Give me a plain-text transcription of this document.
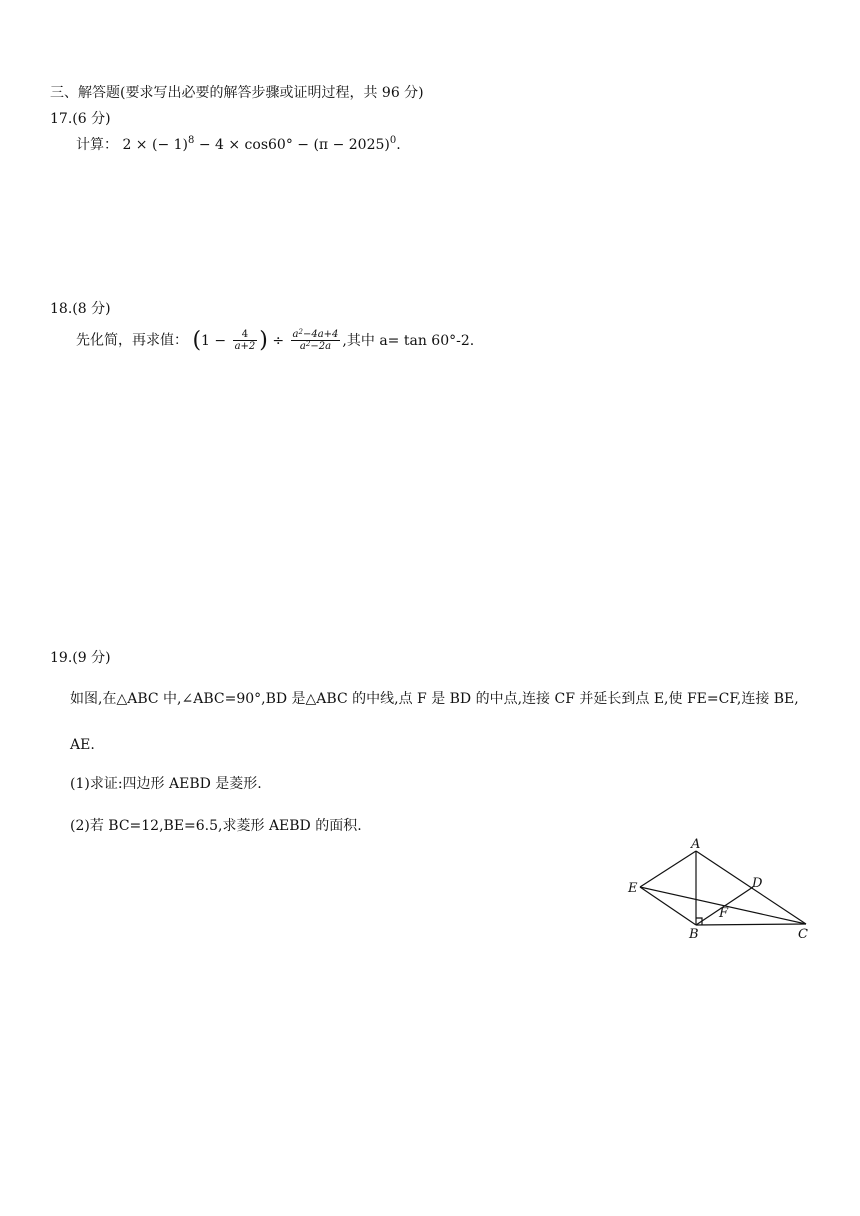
三、解答题(要求写出必要的解答步骤或证明过程，共 96 分)
17.(6 分)
计算： 2 × (− $1)^8 - 4 \times \cos 60^\circ - (\pi - 2025)^0$.
18.(8 分)
先化简，再求值： ($1 - \frac{4}{a+2}$ ) ÷ $\frac{a^2-4a+4}{a^2-2a}$ ,其中 a= tan 60°-2.
19.(9 分)
如图,在△ABC 中,∠ABC=90°,BD 是△ABC 的中线,点 F 是 BD 的中点,连接 CF 并延长到点 E,使 FE=CF,连接 BE,
AE.
(1)求证:四边形 AEBD 是菱形.
(2)若 BC=12,BE=6.5,求菱形 AEBD 的面积.
A
E	D
F
B	C
